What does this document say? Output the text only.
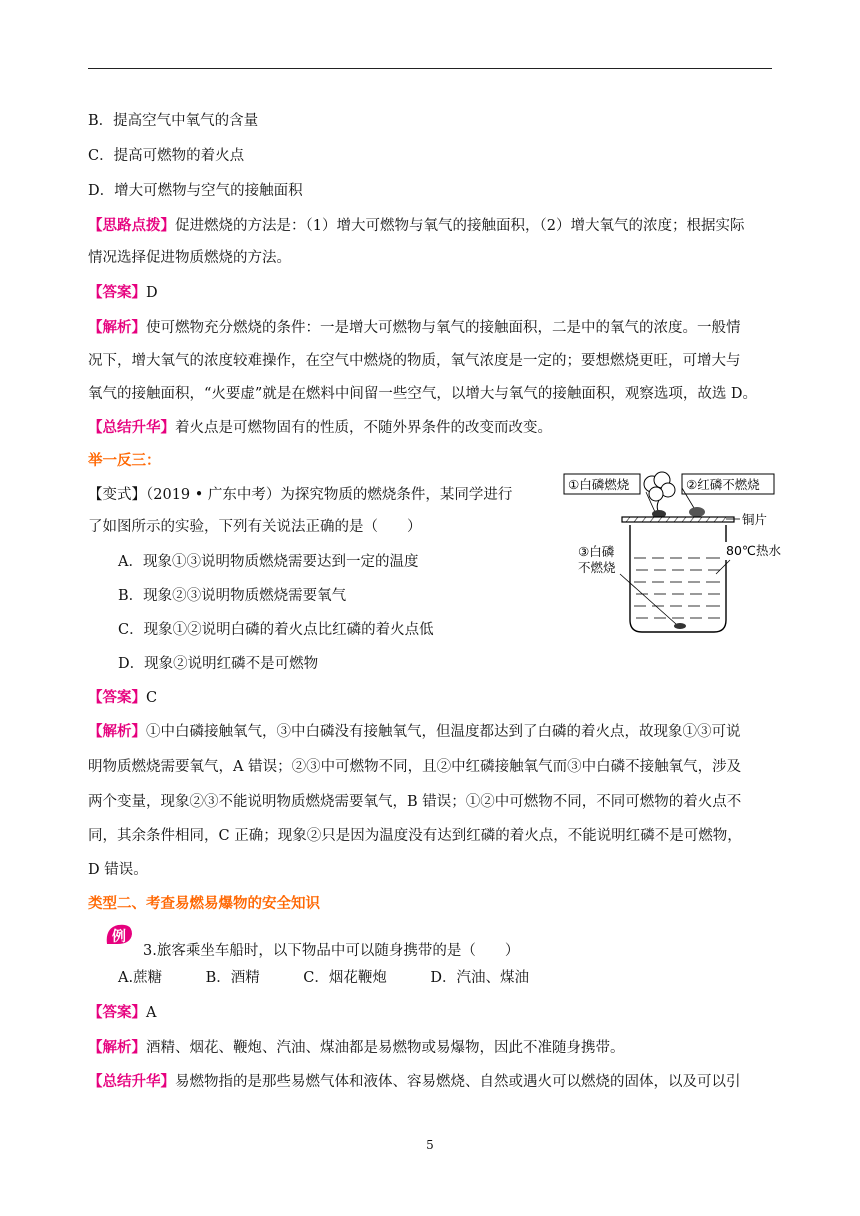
B．提高空气中氧气的含量
C．提高可燃物的着火点
D．增大可燃物与空气的接触面积
【思路点拨】促进燃烧的方法是：（1）增大可燃物与氧气的接触面积，（2）增大氧气的浓度；根据实际
情况选择促进物质燃烧的方法。
【答案】D
【解析】使可燃物充分燃烧的条件：一是增大可燃物与氧气的接触面积，二是中的氧气的浓度。一般情
况下，增大氧气的浓度较难操作，在空气中燃烧的物质，氧气浓度是一定的；要想燃烧更旺，可增大与
氧气的接触面积，“火要虚”就是在燃料中间留一些空气，以增大与氧气的接触面积，观察选项，故选 D。
【总结升华】着火点是可燃物固有的性质，不随外界条件的改变而改变。
举一反三：
【变式】（2019 • 广东中考）为探究物质的燃烧条件，某同学进行
了如图所示的实验，下列有关说法正确的是（　　）
A．现象①③说明物质燃烧需要达到一定的温度
B．现象②③说明物质燃烧需要氧气
C．现象①②说明白磷的着火点比红磷的着火点低
D．现象②说明红磷不是可燃物
①白磷燃烧	②红磷不燃烧
铜片
③白磷
不燃烧
80℃热水
【答案】C
【解析】①中白磷接触氧气，③中白磷没有接触氧气，但温度都达到了白磷的着火点，故现象①③可说
明物质燃烧需要氧气，A 错误；②③中可燃物不同，且②中红磷接触氧气而③中白磷不接触氧气，涉及
两个变量，现象②③不能说明物质燃烧需要氧气，B 错误；①②中可燃物不同，不同可燃物的着火点不
同，其余条件相同，C 正确；现象②只是因为温度没有达到红磷的着火点，不能说明红磷不是可燃物，
D 错误。
类型二、考查易燃易爆物的安全知识
例
3.旅客乘坐车船时，以下物品中可以随身携带的是（　　）
A.蔗糖　　　B．酒精　　　C．烟花鞭炮　　　D．汽油、煤油
【答案】A
【解析】酒精、烟花、鞭炮、汽油、煤油都是易燃物或易爆物，因此不准随身携带。
【总结升华】易燃物指的是那些易燃气体和液体、容易燃烧、自然或遇火可以燃烧的固体，以及可以引
5
